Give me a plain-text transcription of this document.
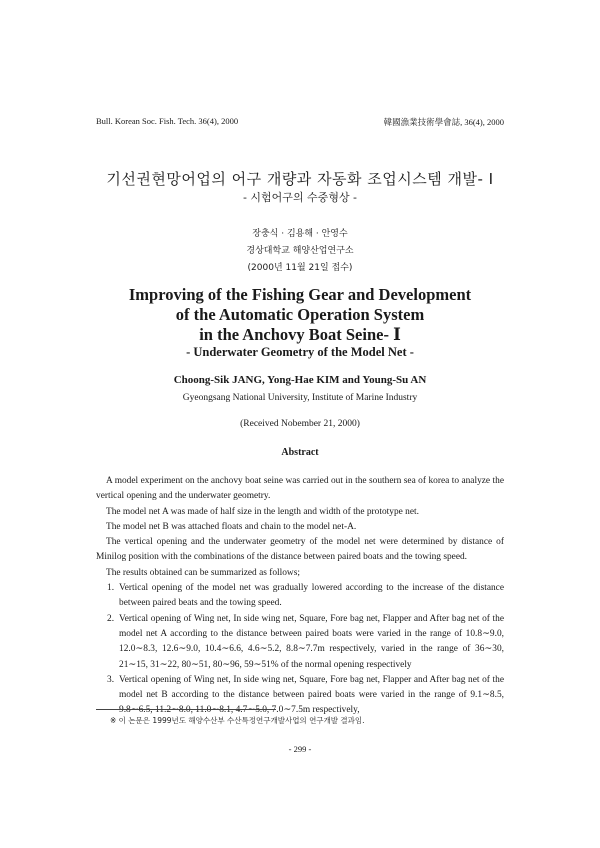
Bull. Korean Soc. Fish. Tech. 36(4), 2000	韓國漁業技術學會誌, 36(4), 2000
기선권현망어업의 어구 개량과 자동화 조업시스템 개발- Ⅰ
- 시험어구의 수중형상 -
장충식 · 김용해 · 안영수
경상대학교 해양산업연구소
(2000년 11월 21일 접수)
Improving of the Fishing Gear and Development
of the Automatic Operation System
in the Anchovy Boat Seine- Ⅰ
- Underwater Geometry of the Model Net -
Choong-Sik JANG, Yong-Hae KIM and Young-Su AN
Gyeongsang National University, Institute of Marine Industry
(Received Nobember 21, 2000)
Abstract

A model experiment on the anchovy boat seine was carried out in the southern sea of korea to analyze the vertical opening and the underwater geometry.

The model net A was made of half size in the length and width of the prototype net.

The model net B was attached floats and chain to the model net-A.

The vertical opening and the underwater geometry of the model net were determined by distance of Minilog position with the combinations of the distance between paired boats and the towing speed.

The results obtained can be summarized as follows;

1. Vertical opening of the model net was gradually lowered according to the increase of the distance between paired beats and the towing speed.
2. Vertical opening of Wing net, In side wing net, Square, Fore bag net, Flapper and After bag net of the model net A according to the distance between paired boats were varied in the range of 10.8∼9.0, 12.0∼8.3, 12.6∼9.0, 10.4∼6.6, 4.6∼5.2, 8.8∼7.7m respectively, varied in the range of 36∼30, 21∼15, 31∼22, 80∼51, 80∼96, 59∼51% of the normal opening respectively
3. Vertical opening of Wing net, In side wing net, Square, Fore bag net, Flapper and After bag net of the model net B according to the distance between paired boats were varied in the range of 9.1∼8.5, 9.8∼6.5, 11.2∼8.0, 11.0∼8.1, 4.7∼5.0, 7.0∼7.5m respectively,
※ 이 논문은 1999년도 해양수산부 수산특정연구개발사업의 연구개발 결과임.
- 299 -
